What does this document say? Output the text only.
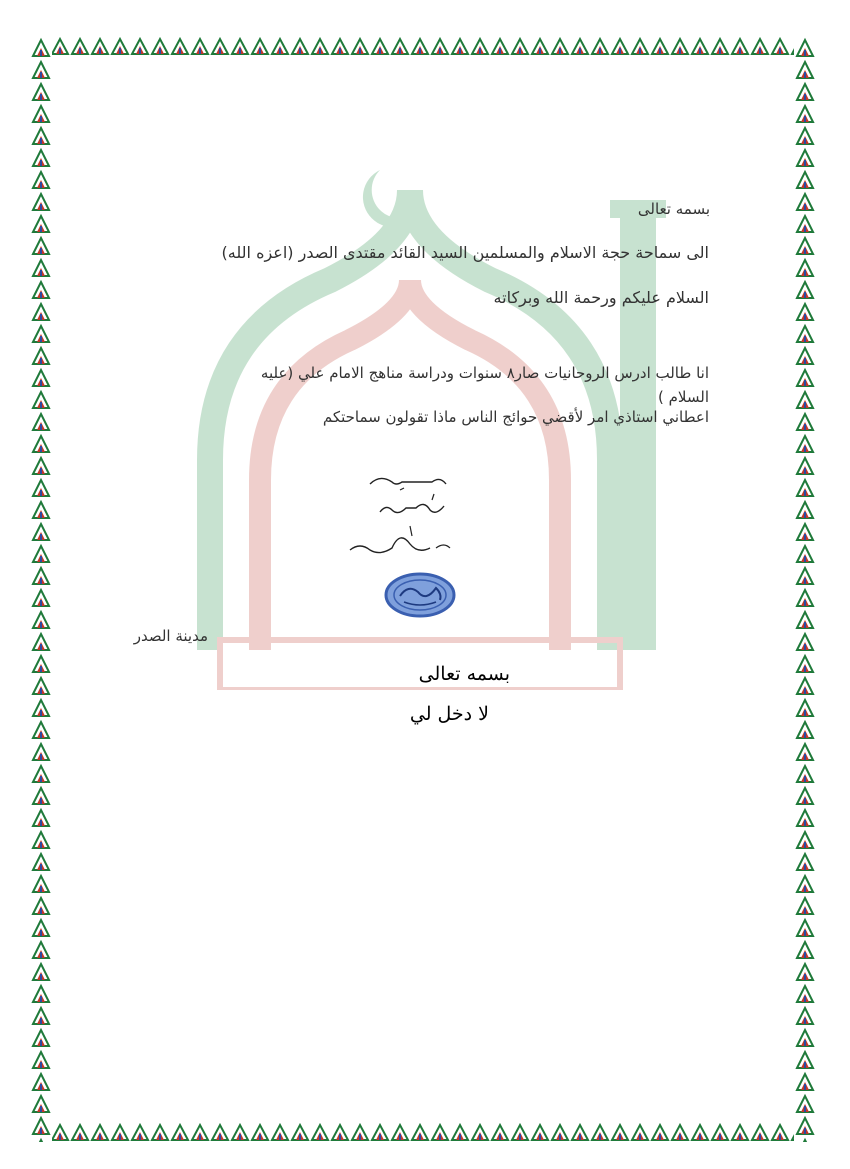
بسمه تعالى
الى سماحة حجة الاسلام والمسلمين السيد القائد مقتدى الصدر (اعزه الله)
السلام عليكم ورحمة الله وبركاته
انا طالب ادرس الروحانيات صار٨ سنوات ودراسة مناهج الامام علي (عليه
السلام )
اعطاني استاذي امر لأقضي حوائج الناس ماذا تقولون سماحتكم
مدينة الصدر
بسمه تعالى
لا دخل لي
